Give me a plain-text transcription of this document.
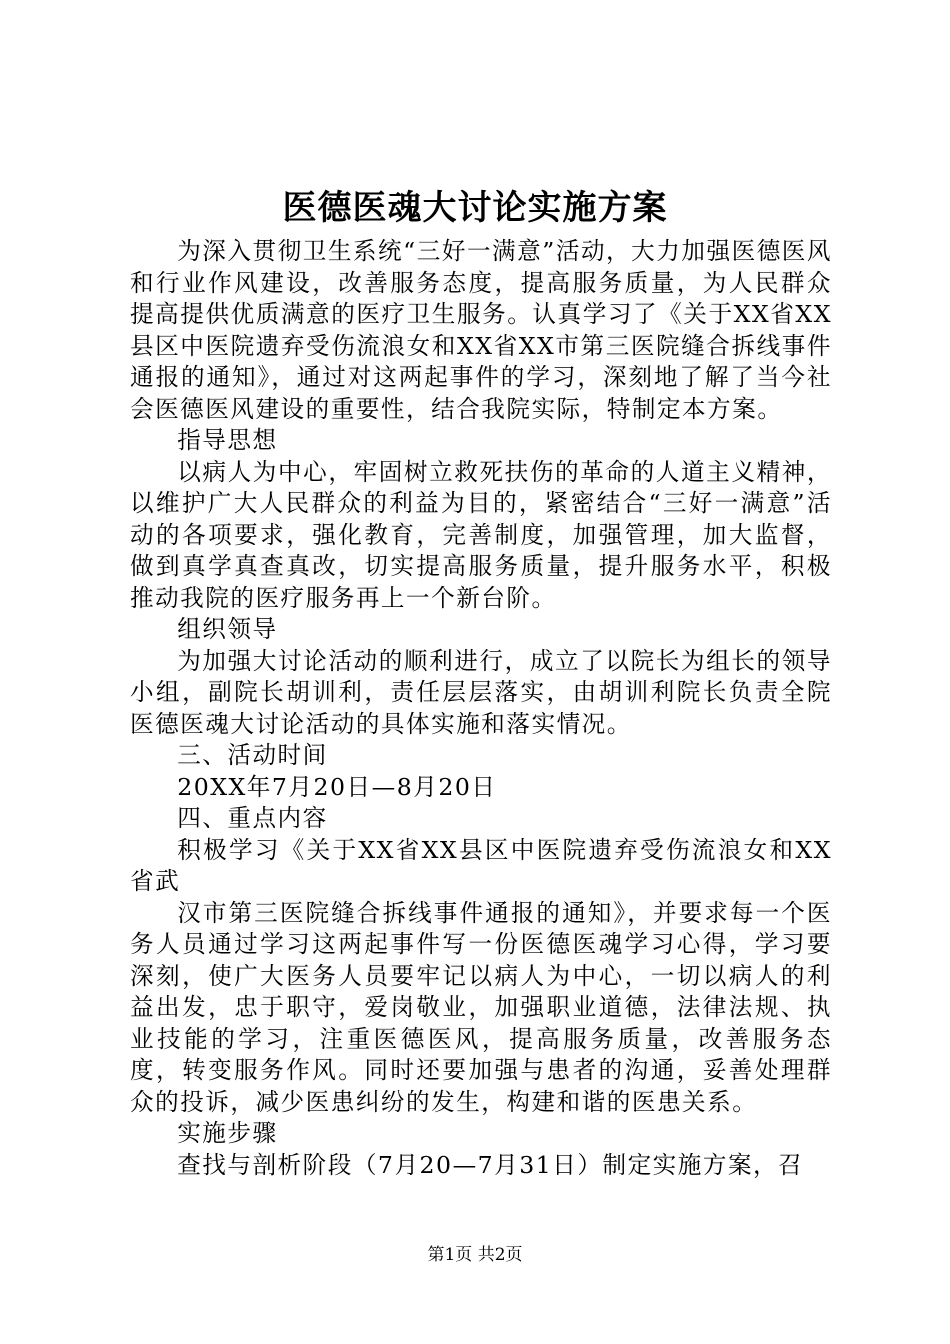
医德医魂大讨论实施方案

为深入贯彻卫生系统“三好一满意”活动，大力加强医德医风和行业作风建设，改善服务态度，提高服务质量，为人民群众提高提供优质满意的医疗卫生服务。认真学习了《关于XX省XX县区中医院遗弃受伤流浪女和XX省XX市第三医院缝合拆线事件通报的通知》，通过对这两起事件的学习，深刻地了解了当今社会医德医风建设的重要性，结合我院实际，特制定本方案。

指导思想

以病人为中心，牢固树立救死扶伤的革命的人道主义精神，以维护广大人民群众的利益为目的，紧密结合“三好一满意”活动的各项要求，强化教育，完善制度，加强管理，加大监督，做到真学真查真改，切实提高服务质量，提升服务水平，积极推动我院的医疗服务再上一个新台阶。

组织领导

为加强大讨论活动的顺利进行，成立了以院长为组长的领导小组，副院长胡训利，责任层层落实，由胡训利院长负责全院医德医魂大讨论活动的具体实施和落实情况。

三、活动时间

20XX年7月20日—8月20日

四、重点内容

积极学习《关于XX省XX县区中医院遗弃受伤流浪女和XX省武

汉市第三医院缝合拆线事件通报的通知》，并要求每一个医务人员通过学习这两起事件写一份医德医魂学习心得，学习要深刻，使广大医务人员要牢记以病人为中心，一切以病人的利益出发，忠于职守，爱岗敬业，加强职业道德，法律法规、执业技能的学习，注重医德医风，提高服务质量，改善服务态度，转变服务作风。同时还要加强与患者的沟通，妥善处理群众的投诉，减少医患纠纷的发生，构建和谐的医患关系。

实施步骤

查找与剖析阶段（7月20—7月31日）制定实施方案，召

第1页 共2页
